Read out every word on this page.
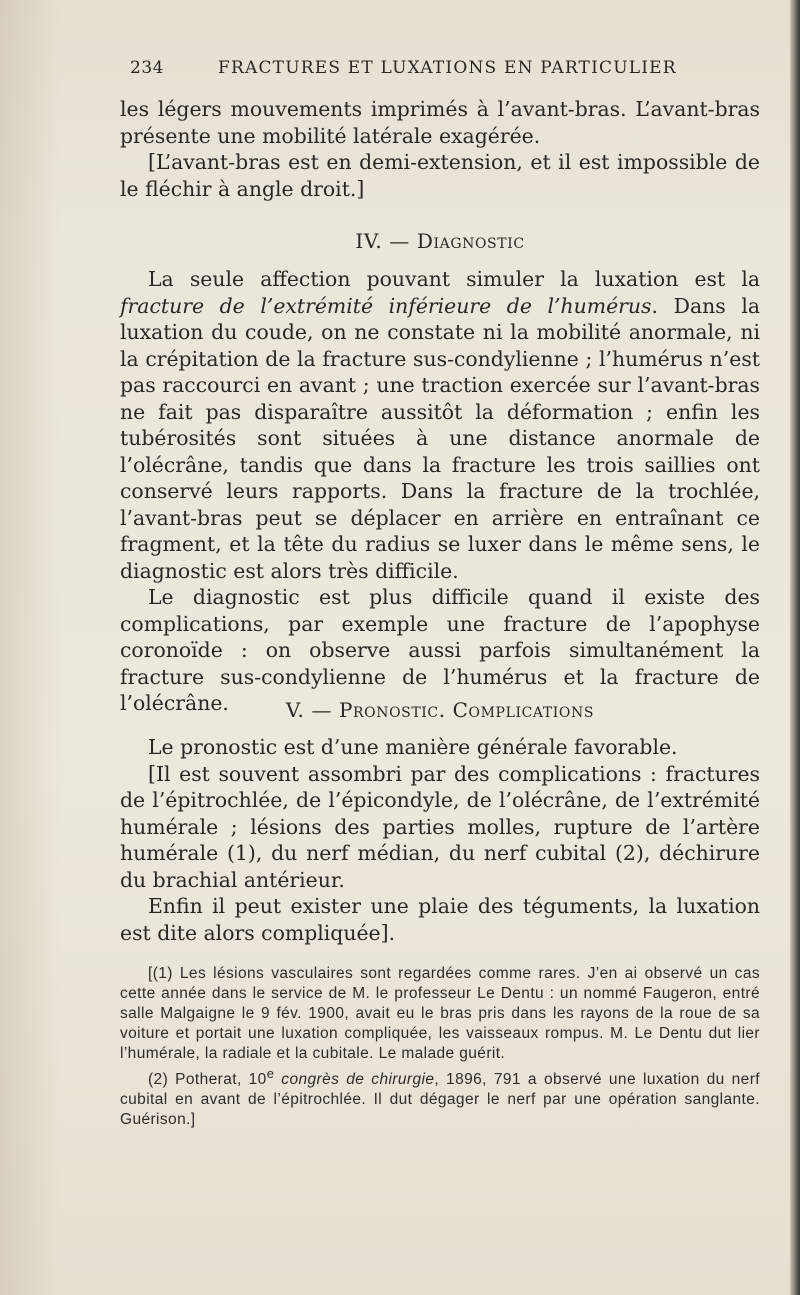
234	FRACTURES ET LUXATIONS EN PARTICULIER

les légers mouvements imprimés à l’avant-bras. L’avant-bras présente une mobilité latérale exagérée.

[L’avant-bras est en demi-extension, et il est impossible de le fléchir à angle droit.]

IV. — Diagnostic

La seule affection pouvant simuler la luxation est la fracture de l’extrémité inférieure de l’humérus. Dans la luxation du coude, on ne constate ni la mobilité anormale, ni la crépitation de la fracture sus-condylienne ; l’humérus n’est pas raccourci en avant ; une traction exercée sur l’avant-bras ne fait pas disparaître aussitôt la déformation ; enfin les tubérosités sont situées à une distance anormale de l’olécrâne, tandis que dans la fracture les trois saillies ont conservé leurs rapports. Dans la fracture de la trochlée, l’avant-bras peut se déplacer en arrière en entraînant ce fragment, et la tête du radius se luxer dans le même sens, le diagnostic est alors très difficile.

Le diagnostic est plus difficile quand il existe des complications, par exemple une fracture de l’apophyse coronoïde : on observe aussi parfois simultanément la fracture sus-condylienne de l’humérus et la fracture de l’olécrâne.	V. — Pronostic. Complications

Le pronostic est d’une manière générale favorable.

[Il est souvent assombri par des complications : fractures de l’épitrochlée, de l’épicondyle, de l’olécrâne, de l’extrémité humérale ; lésions des parties molles, rupture de l’artère humérale (1), du nerf médian, du nerf cubital (2), déchirure du brachial antérieur.

Enfin il peut exister une plaie des téguments, la luxation est dite alors compliquée].

[(1) Les lésions vasculaires sont regardées comme rares. J’en ai observé un cas cette année dans le service de M. le professeur Le Dentu : un nommé Faugeron, entré salle Malgaigne le 9 fév. 1900, avait eu le bras pris dans les rayons de la roue de sa voiture et portait une luxation compliquée, les vaisseaux rompus. M. Le Dentu dut lier l’humérale, la radiale et la cubitale. Le malade guérit.

(2) Potherat, 10e congrès de chirurgie, 1896, 791 a observé une luxation du nerf cubital en avant de l’épitrochlée. Il dut dégager le nerf par une opération sanglante. Guérison.]
